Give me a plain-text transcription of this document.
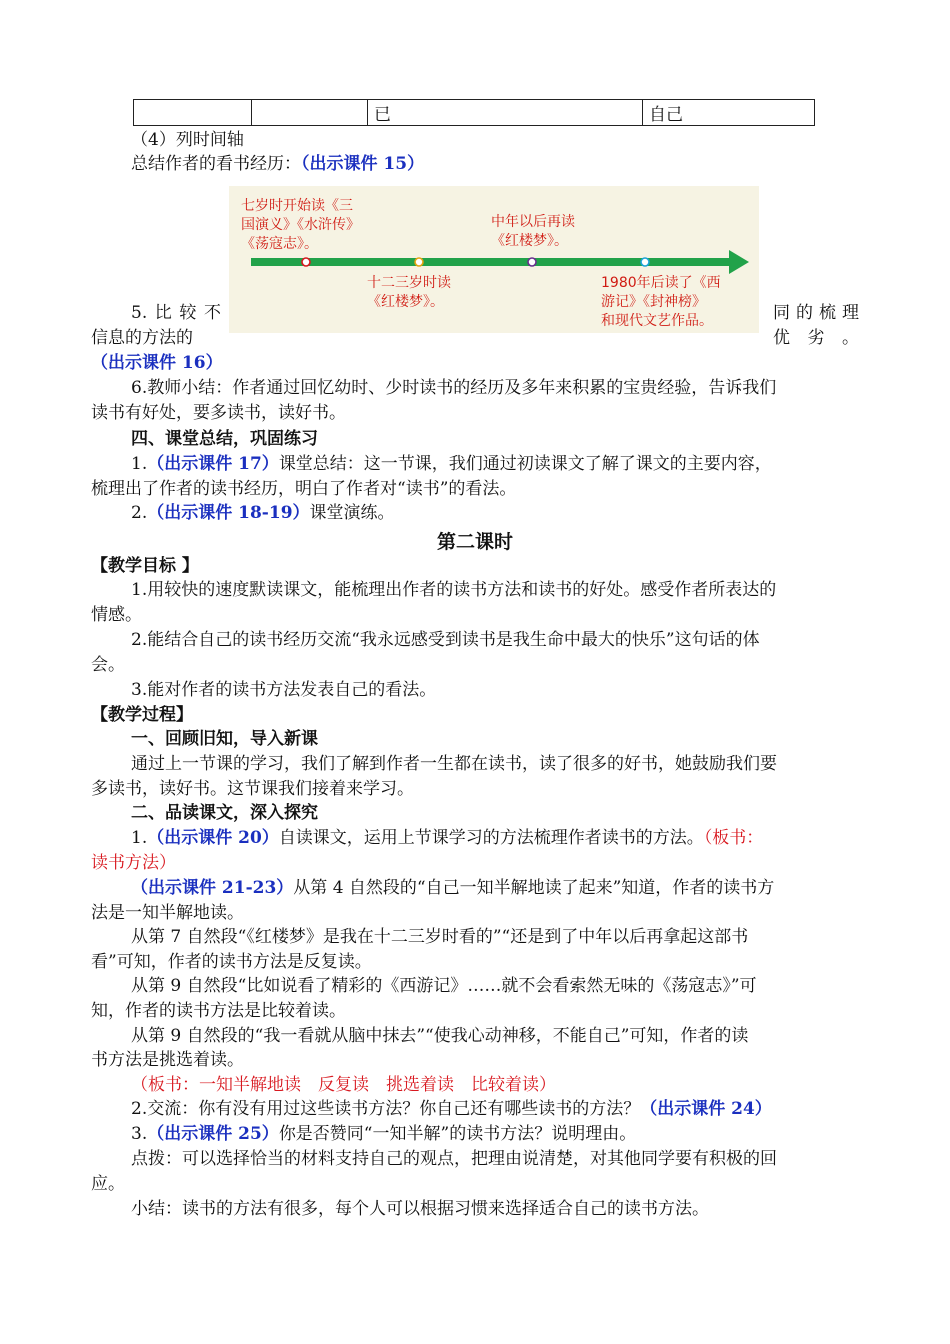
		已	自己
（4）列时间轴
总结作者的看书经历：（出示课件 15）
七岁时开始读《三
国演义》《水浒传》
《荡寇志》。
十二三岁时读
《红楼梦》。
中年以后再读
《红楼梦》。
1980年后读了《西
游记》《封神榜》
和现代文艺作品。
5.比较不	同的梳理
信息的方法的	优劣。
（出示课件 16）
6.教师小结：作者通过回忆幼时、少时读书的经历及多年来积累的宝贵经验，告诉我们
读书有好处，要多读书，读好书。
四、课堂总结，巩固练习
1.（出示课件 17）课堂总结：这一节课，我们通过初读课文了解了课文的主要内容，
梳理出了作者的读书经历，明白了作者对“读书”的看法。
2.（出示课件 18-19）课堂演练。
第二课时
【教学目标 】
1.用较快的速度默读课文，能梳理出作者的读书方法和读书的好处。感受作者所表达的
情感。
2.能结合自己的读书经历交流“我永远感受到读书是我生命中最大的快乐”这句话的体
会。
3.能对作者的读书方法发表自己的看法。
【教学过程】
一、回顾旧知，导入新课
通过上一节课的学习，我们了解到作者一生都在读书，读了很多的好书，她鼓励我们要
多读书，读好书。这节课我们接着来学习。
二、品读课文，深入探究
1.（出示课件 20）自读课文，运用上节课学习的方法梳理作者读书的方法。（板书：
读书方法）
（出示课件 21-23）从第 4 自然段的“自己一知半解地读了起来”知道，作者的读书方
法是一知半解地读。
从第 7 自然段“《红楼梦》是我在十二三岁时看的”“还是到了中年以后再拿起这部书
看”可知，作者的读书方法是反复读。
从第 9 自然段“比如说看了精彩的《西游记》……就不会看索然无味的《荡寇志》”可
知，作者的读书方法是比较着读。
从第 9 自然段的“我一看就从脑中抹去”“使我心动神移，不能自己”可知，作者的读
书方法是挑选着读。
（板书：一知半解地读　反复读　挑选着读　比较着读）
2.交流：你有没有用过这些读书方法？你自己还有哪些读书的方法？（出示课件 24）
3.（出示课件 25）你是否赞同“一知半解”的读书方法？说明理由。
点拨：可以选择恰当的材料支持自己的观点，把理由说清楚，对其他同学要有积极的回
应。
小结：读书的方法有很多，每个人可以根据习惯来选择适合自己的读书方法。
